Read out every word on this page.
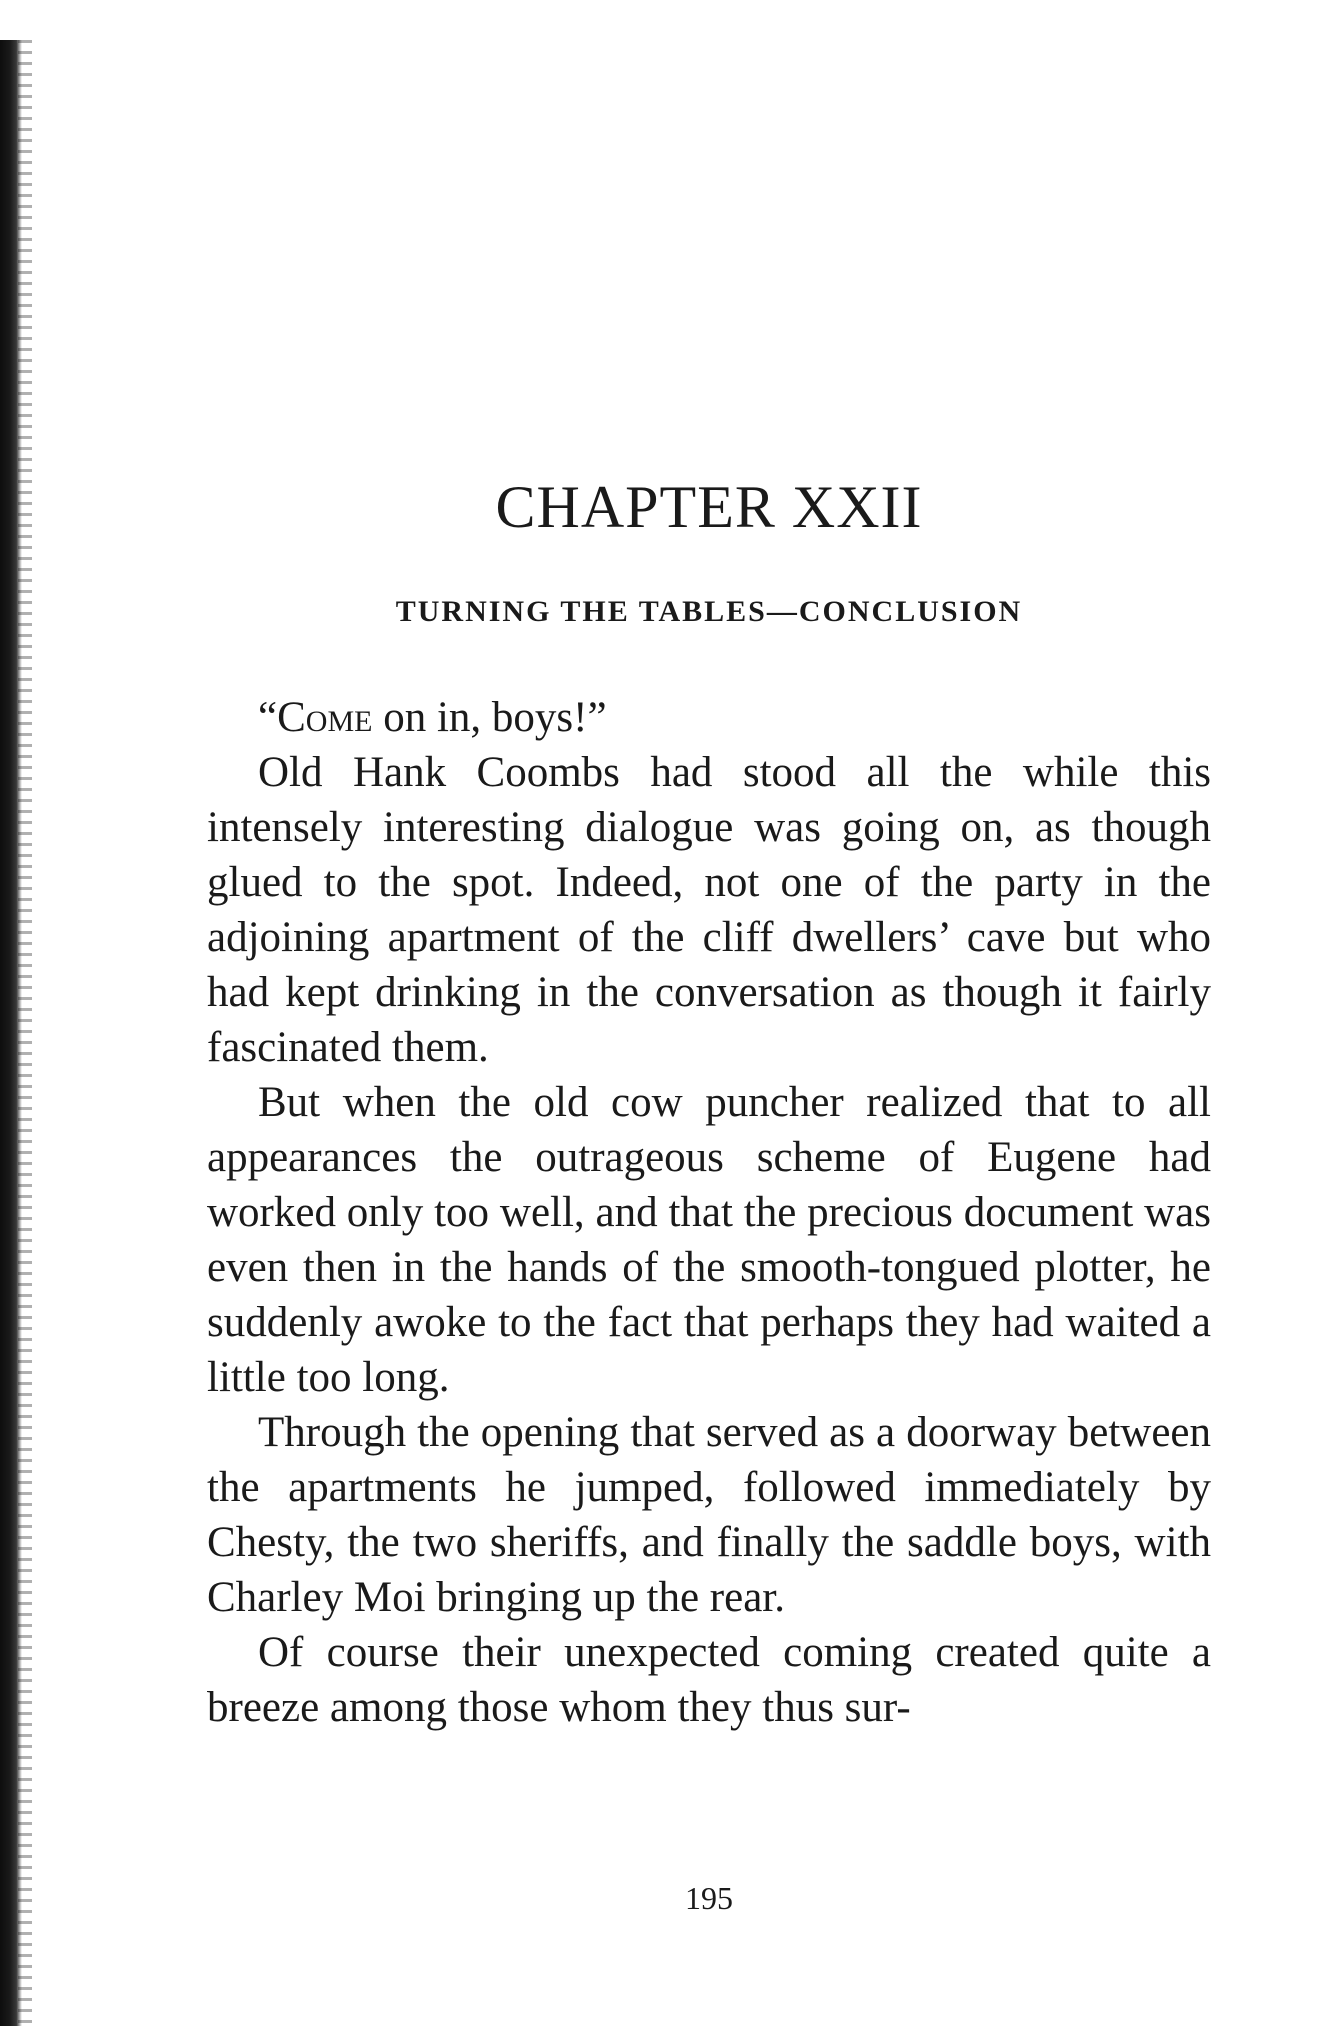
CHAPTER XXII
TURNING THE TABLES—CONCLUSION

“Come on in, boys!”

Old Hank Coombs had stood all the while this intensely interesting dialogue was going on, as though glued to the spot. Indeed, not one of the party in the adjoining apartment of the cliff dwellers’ cave but who had kept drinking in the conversation as though it fairly fascinated them.

But when the old cow puncher realized that to all appearances the outrageous scheme of Eugene had worked only too well, and that the precious document was even then in the hands of the smooth-tongued plotter, he suddenly awoke to the fact that perhaps they had waited a little too long.

Through the opening that served as a doorway between the apartments he jumped, followed immediately by Chesty, the two sheriffs, and finally the saddle boys, with Charley Moi bringing up the rear.

Of course their unexpected coming created quite a breeze among those whom they thus sur-

195
